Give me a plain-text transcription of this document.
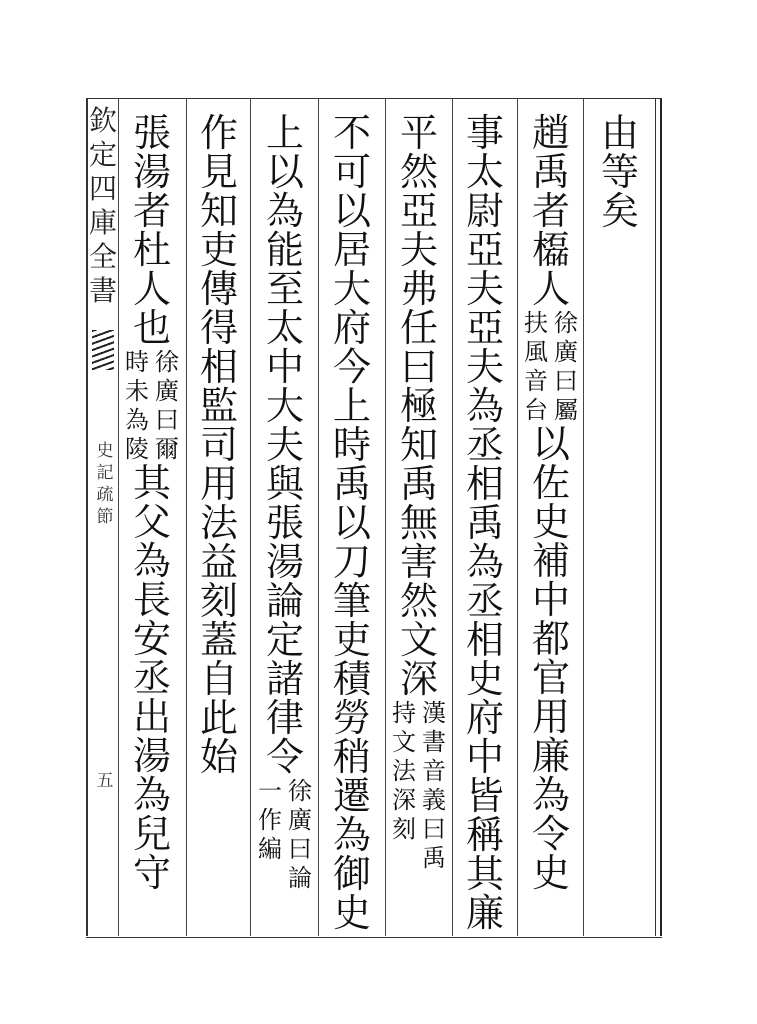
欽
定
四
庫
全
書
史
記
疏
節
五
由
等
矣
趙
禹
者
㰁
人
徐
廣
曰
屬
扶
風
音
台
以
佐
史
補
中
都
官
用
廉
為
令
史
事
太
尉
亞
夫
亞
夫
為
丞
相
禹
為
丞
相
史
府
中
皆
稱
其
廉
平
然
亞
夫
弗
任
曰
極
知
禹
無
害
然
文
深
漢
書
音
義
曰
禹
持
文
法
深
刻
不
可
以
居
大
府
今
上
時
禹
以
刀
筆
吏
積
勞
稍
遷
為
御
史
上
以
為
能
至
太
中
大
夫
與
張
湯
論
定
諸
律
令
徐
廣
曰
論
一
作
編
作
見
知
吏
傳
得
相
監
司
用
法
益
刻
蓋
自
此
始
張
湯
者
杜
人
也
徐
廣
曰
爾
時
未
為
陵
其
父
為
長
安
丞
出
湯
為
兒
守
